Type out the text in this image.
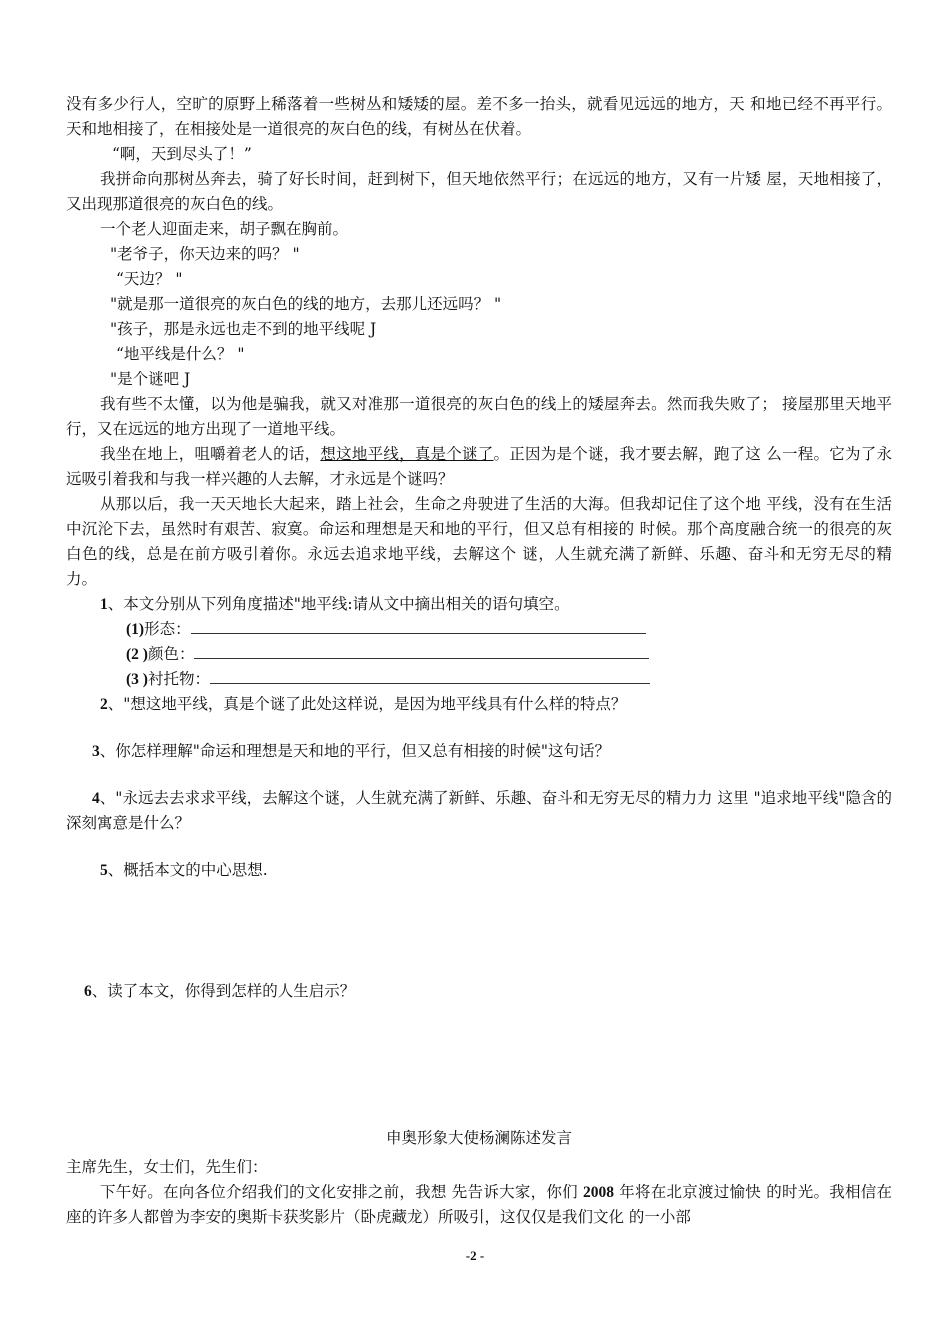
没有多少行人，空旷的原野上稀落着一些树丛和矮矮的屋。差不多一抬头，就看见远远的地方，天 和地已经不再平行。天和地相接了，在相接处是一道很亮的灰白色的线，有树丛在伏着。

“啊，天到尽头了！”

我拼命向那树丛奔去，骑了好长时间，赶到树下，但天地依然平行；在远远的地方，又有一片矮 屋，天地相接了，又出现那道很亮的灰白色的线。

一个老人迎面走来，胡子飘在胸前。

"老爷子，你天边来的吗？ "

“天边？ "

"就是那一道很亮的灰白色的线的地方，去那儿还远吗？ "

"孩子，那是永远也走不到的地平线呢 J

“地平线是什么？ "

"是个谜吧 J

我有些不太懂，以为他是骗我，就又对准那一道很亮的灰白色的线上的矮屋奔去。然而我失败了； 接屋那里天地平行，又在远远的地方出现了一道地平线。

我坐在地上，咀嚼着老人的话，想这地平线，真是个谜了。正因为是个谜，我才要去解，跑了这 么一程。它为了永远吸引着我和与我一样兴趣的人去解，才永远是个谜吗？

从那以后，我一天天地长大起来，踏上社会，生命之舟驶进了生活的大海。但我却记住了这个地 平线，没有在生活中沉沦下去，虽然时有艰苦、寂寞。命运和理想是天和地的平行，但又总有相接的 时候。那个高度融合统一的很亮的灰白色的线，总是在前方吸引着你。永远去追求地平线，去解这个 谜，人生就充满了新鲜、乐趣、奋斗和无穷无尽的精力。

1、本文分别从下列角度描述"地平线:请从文中摘出相关的语句填空。

(1)形态：

(2 )颜色：

(3 )衬托物：

2、"想这地平线，真是个谜了此处这样说，是因为地平线具有什么样的特点？

3、你怎样理解"命运和理想是天和地的平行，但又总有相接的时候"这句话？

4、"永远去去求求平线，去解这个谜，人生就充满了新鲜、乐趣、奋斗和无穷无尽的精力力 这里 "追求地平线"隐含的深刻寓意是什么？

5、概括本文的中心思想.

6、读了本文，你得到怎样的人生启示？

申奥形象大使杨澜陈述发言

主席先生，女士们，先生们：

下午好。在向各位介绍我们的文化安排之前，我想 先告诉大家，你们 2008 年将在北京渡过愉快 的时光。我相信在座的许多人都曾为李安的奥斯卡获奖影片（卧虎藏龙）所吸引，这仅仅是我们文化 的一小部

-2 -
